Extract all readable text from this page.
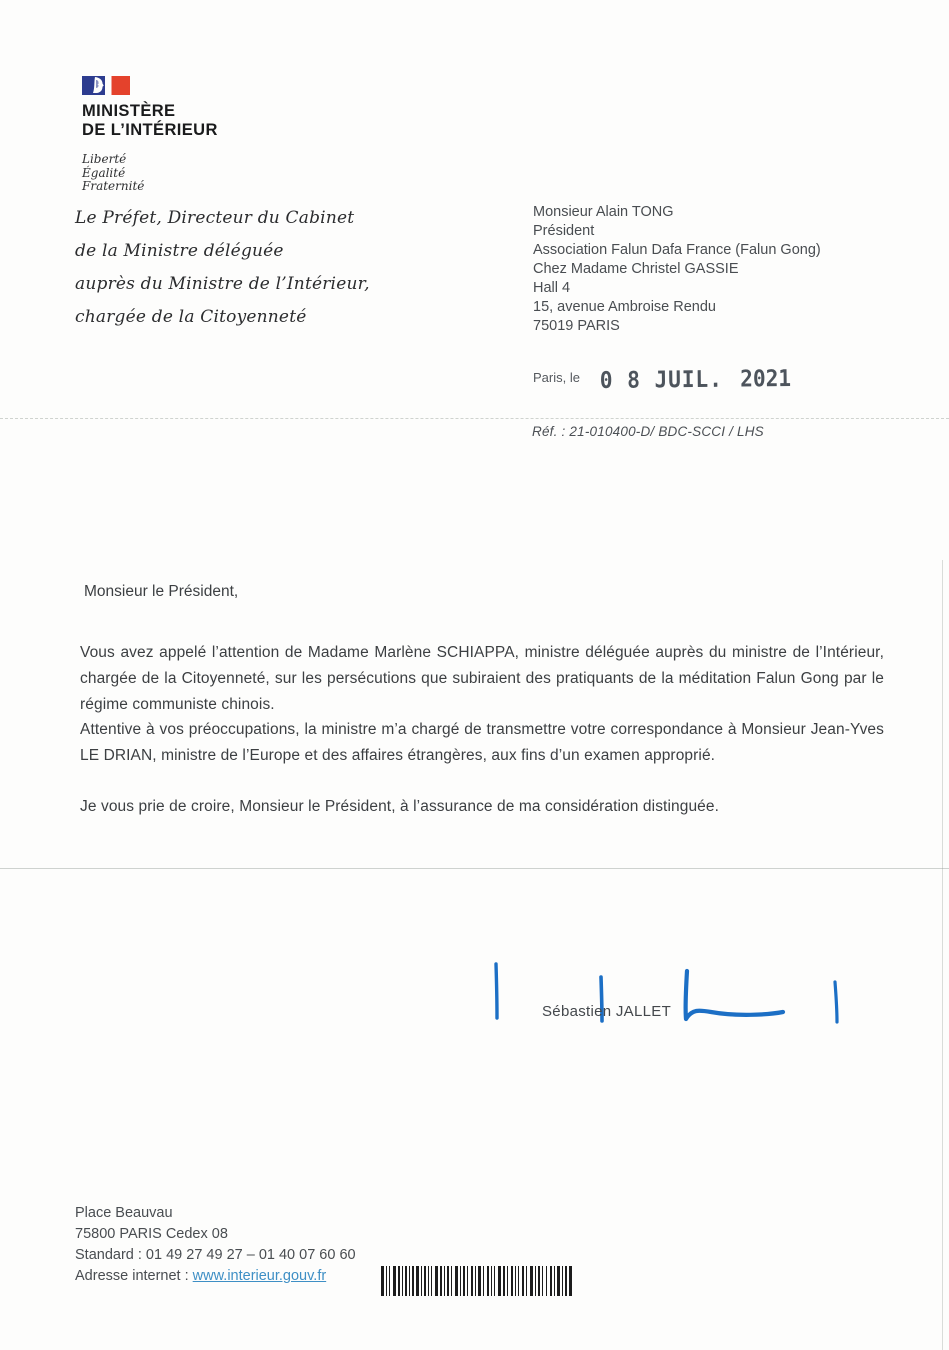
MINISTÈRE
DE L’INTÉRIEUR
Liberté
Égalité
Fraternité
Le Préfet, Directeur du Cabinet
de la Ministre déléguée
auprès du Ministre de l’Intérieur,
chargée de la Citoyenneté
Monsieur Alain TONG
Président
Association Falun Dafa France (Falun Gong)
Chez Madame Christel GASSIE
Hall 4
15, avenue Ambroise Rendu
75019 PARIS
$^{Paris, le}$ 0 8 JUIL. 2021
Réf. : 21-010400-D/ BDC-SCCI / LHS
Monsieur le Président,

Vous avez appelé l’attention de Madame Marlène SCHIAPPA, ministre déléguée auprès du ministre de l’Intérieur, chargée de la Citoyenneté, sur les persécutions que subiraient des pratiquants de la méditation Falun Gong par le régime communiste chinois.

Attentive à vos préoccupations, la ministre m’a chargé de transmettre votre correspondance à Monsieur Jean-Yves LE DRIAN, ministre de l’Europe et des affaires étrangères, aux fins d’un examen approprié.

Je vous prie de croire, Monsieur le Président, à l’assurance de ma considération distinguée.

Sébastien JALLET
Place Beauvau
75800 PARIS Cedex 08
Standard : 01 49 27 49 27 – 01 40 07 60 60
Adresse internet : www.interieur.gouv.fr
